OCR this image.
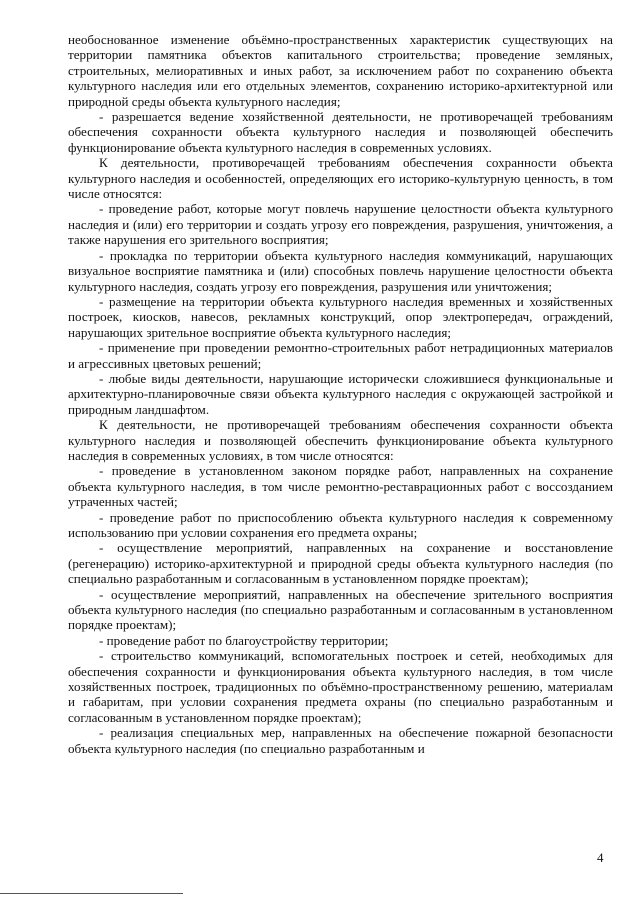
необоснованное изменение объёмно-пространственных характеристик существующих на территории памятника объектов капитального строительства; проведение земляных, строительных, мелиоративных и иных работ, за исключением работ по сохранению объекта культурного наследия или его отдельных элементов, сохранению историко-архитектурной или природной среды объекта культурного наследия;

- разрешается ведение хозяйственной деятельности, не противоречащей требованиям обеспечения сохранности объекта культурного наследия и позволяющей обеспечить функционирование объекта культурного наследия в современных условиях.

К деятельности, противоречащей требованиям обеспечения сохранности объекта культурного наследия и особенностей, определяющих его историко-культурную ценность, в том числе относятся:

- проведение работ, которые могут повлечь нарушение целостности объекта культурного наследия и (или) его территории и создать угрозу его повреждения, разрушения, уничтожения, а также нарушения его зрительного восприятия;

- прокладка по территории объекта культурного наследия коммуникаций, нарушающих визуальное восприятие памятника и (или) способных повлечь нарушение целостности объекта культурного наследия, создать угрозу его повреждения, разрушения или уничтожения;

- размещение на территории объекта культурного наследия временных и хозяйственных построек, киосков, навесов, рекламных конструкций, опор электропередач, ограждений, нарушающих зрительное восприятие объекта культурного наследия;

- применение при проведении ремонтно-строительных работ нетрадиционных материалов и агрессивных цветовых решений;

- любые виды деятельности, нарушающие исторически сложившиеся функциональные и архитектурно-планировочные связи объекта культурного наследия с окружающей застройкой и природным ландшафтом.

К деятельности, не противоречащей требованиям обеспечения сохранности объекта культурного наследия и позволяющей обеспечить функционирование объекта культурного наследия в современных условиях, в том числе относятся:

- проведение в установленном законом порядке работ, направленных на сохранение объекта культурного наследия, в том числе ремонтно-реставрационных работ с воссозданием утраченных частей;

- проведение работ по приспособлению объекта культурного наследия к современному использованию при условии сохранения его предмета охраны;

- осуществление мероприятий, направленных на сохранение и восстановление (регенерацию) историко-архитектурной и природной среды объекта культурного наследия (по специально разработанным и согласованным в установленном порядке проектам);

- осуществление мероприятий, направленных на обеспечение зрительного восприятия объекта культурного наследия (по специально разработанным и согласованным в установленном порядке проектам);

- проведение работ по благоустройству территории;

- строительство коммуникаций, вспомогательных построек и сетей, необходимых для обеспечения сохранности и функционирования объекта культурного наследия, в том числе хозяйственных построек, традиционных по объёмно-пространственному решению, материалам и габаритам, при условии сохранения предмета охраны (по специально разработанным и согласованным в установленном порядке проектам);

- реализация специальных мер, направленных на обеспечение пожарной безопасности объекта культурного наследия (по специально разработанным и

4
